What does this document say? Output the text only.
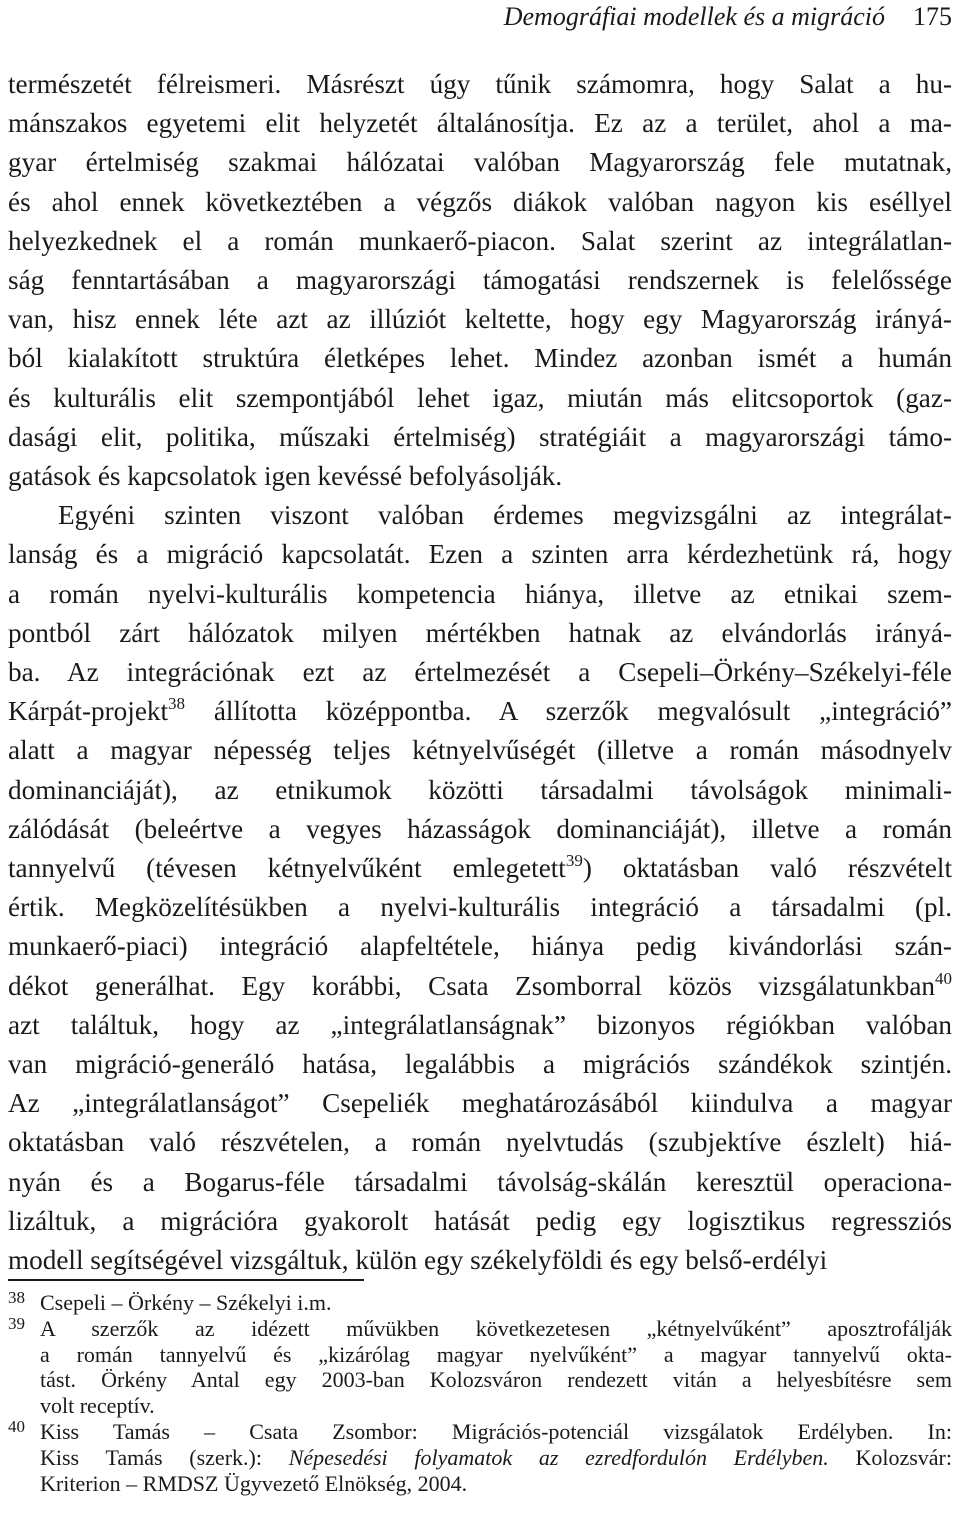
Demográfiai modellek és a migráció 175

természetét félreismeri. Másrészt úgy tűnik számomra, hogy Salat a hu-

mánszakos egyetemi elit helyzetét általánosítja. Ez az a terület, ahol a ma-

gyar értelmiség szakmai hálózatai valóban Magyarország fele mutatnak,

és ahol ennek következtében a végzős diákok valóban nagyon kis eséllyel

helyezkednek el a román munkaerő-piacon. Salat szerint az integrálatlan-

ság fenntartásában a magyarországi támogatási rendszernek is felelőssége

van, hisz ennek léte azt az illúziót keltette, hogy egy Magyarország irányá-

ból kialakított struktúra életképes lehet. Mindez azonban ismét a humán

és kulturális elit szempontjából lehet igaz, miután más elitcsoportok (gaz-

dasági elit, politika, műszaki értelmiség) stratégiáit a magyarországi támo-

gatások és kapcsolatok igen kevéssé befolyásolják.

Egyéni szinten viszont valóban érdemes megvizsgálni az integrálat-

lanság és a migráció kapcsolatát. Ezen a szinten arra kérdezhetünk rá, hogy

a román nyelvi-kulturális kompetencia hiánya, illetve az etnikai szem-

pontból zárt hálózatok milyen mértékben hatnak az elvándorlás irányá-

ba. Az integrációnak ezt az értelmezését a Csepeli–Örkény–Székelyi-féle

Kárpát-projekt$^{38}$ állította középpontba. A szerzők megvalósult „integráció”

alatt a magyar népesség teljes kétnyelvűségét (illetve a román másodnyelv

dominanciáját), az etnikumok közötti társadalmi távolságok minimali-

zálódását (beleértve a vegyes házasságok dominanciáját), illetve a román

tannyelvű (tévesen kétnyelvűként emlegetett$^{39}$) oktatásban való részvételt

értik. Megközelítésükben a nyelvi-kulturális integráció a társadalmi (pl.

munkaerő-piaci) integráció alapfeltétele, hiánya pedig kivándorlási szán-

dékot generálhat. Egy korábbi, Csata Zsomborral közös vizsgálatunkban$^{40}$

azt találtuk, hogy az „integrálatlanságnak” bizonyos régiókban valóban

van migráció-generáló hatása, legalábbis a migrációs szándékok szintjén.

Az „integrálatlanságot” Csepeliék meghatározásából kiindulva a magyar

oktatásban való részvételen, a román nyelvtudás (szubjektíve észlelt) hiá-

nyán és a Bogarus-féle társadalmi távolság-skálán keresztül operaciona-

lizáltuk, a migrációra gyakorolt hatását pedig egy logisztikus regressziós

modell segítségével vizsgáltuk, külön egy székelyföldi és egy belső-erdélyi

38 Csepeli – Örkény – Székelyi i.m.
39 A szerzők az idézett művükben következetesen „kétnyelvűként” aposztrofálják
a román tannyelvű és „kizárólag magyar nyelvűként” a magyar tannyelvű okta-
tást. Örkény Antal egy 2003-ban Kolozsváron rendezett vitán a helyesbítésre sem
volt receptív.
40 Kiss Tamás – Csata Zsombor: Migrációs-potenciál vizsgálatok Erdélyben. In:
Kiss Tamás (szerk.): Népesedési folyamatok az ezredfordulón Erdélyben. Kolozsvár:
Kriterion – RMDSZ Ügyvezető Elnökség, 2004.
